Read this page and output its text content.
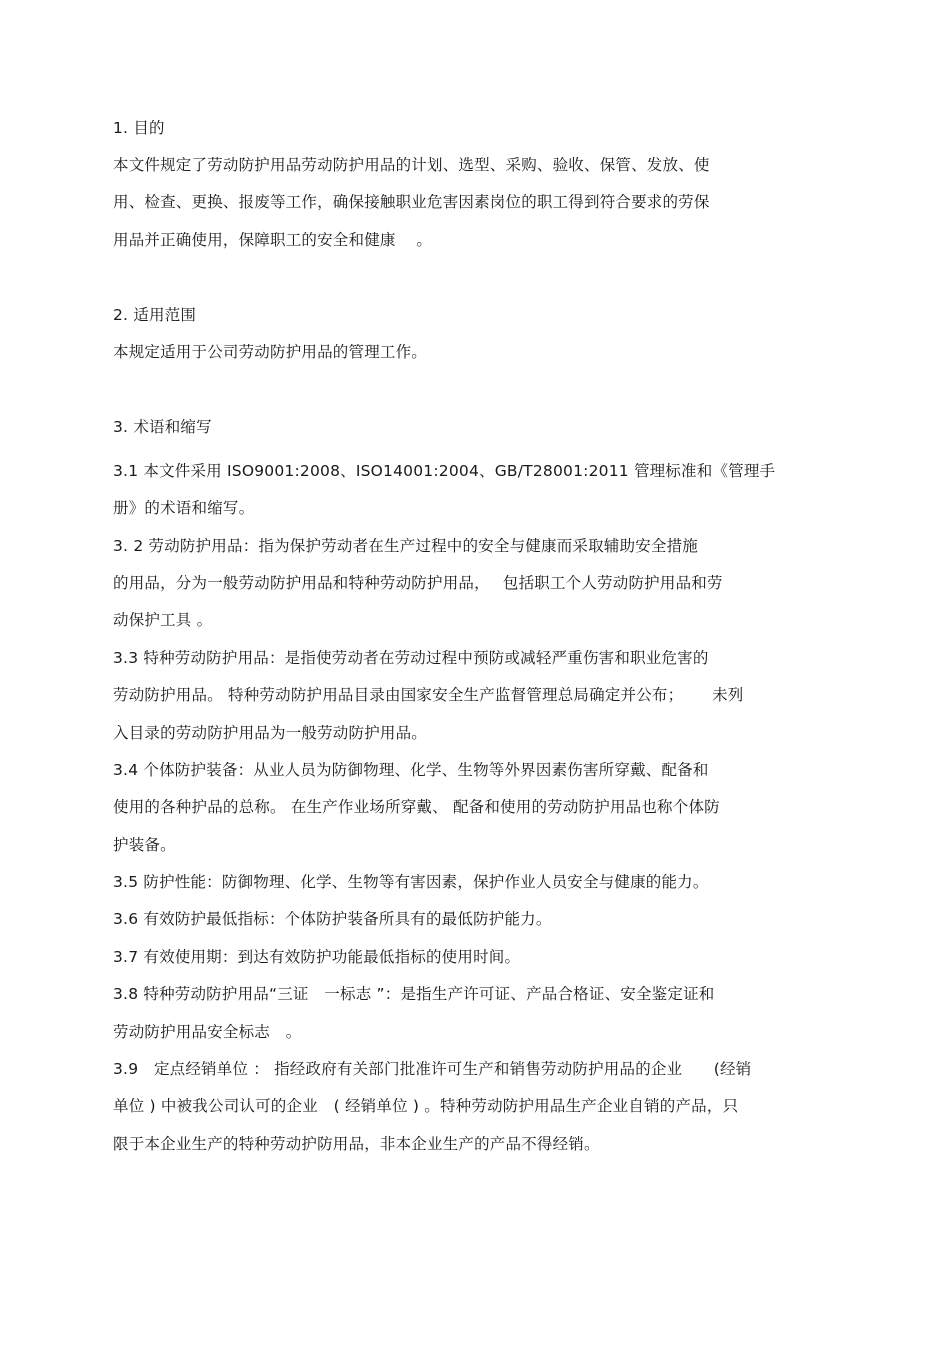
1. 目的
本文件规定了劳动防护用品劳动防护用品的计划、选型、采购、验收、保管、发放、使
用、检查、更换、报废等工作，确保接触职业危害因素岗位的职工得到符合要求的劳保
用品并正确使用，保障职工的安全和健康　 。
2. 适用范围
本规定适用于公司劳动防护用品的管理工作。
3. 术语和缩写
3.1 本文件采用 ISO9001:2008、ISO14001:2004、GB/T28001:2011 管理标准和《管理手
册》的术语和缩写。
3. 2 劳动防护用品：指为保护劳动者在生产过程中的安全与健康而采取辅助安全措施
的用品，分为一般劳动防护用品和特种劳动防护用品，　 包括职工个人劳动防护用品和劳
动保护工具 。
3.3 特种劳动防护用品：是指使劳动者在劳动过程中预防或减轻严重伤害和职业危害的
劳动防护用品。 特种劳动防护用品目录由国家安全生产监督管理总局确定并公布；　　 未列
入目录的劳动防护用品为一般劳动防护用品。
3.4 个体防护装备：从业人员为防御物理、化学、生物等外界因素伤害所穿戴、配备和
使用的各种护品的总称。 在生产作业场所穿戴、 配备和使用的劳动防护用品也称个体防
护装备。
3.5 防护性能：防御物理、化学、生物等有害因素，保护作业人员安全与健康的能力。
3.6 有效防护最低指标：个体防护装备所具有的最低防护能力。
3.7 有效使用期：到达有效防护功能最低指标的使用时间。
3.8 特种劳动防护用品“三证　一标志 ”：是指生产许可证、产品合格证、安全鉴定证和
劳动防护用品安全标志　。
3.9　定点经销单位 ： 指经政府有关部门批准许可生产和销售劳动防护用品的企业　　(经销
单位 ) 中被我公司认可的企业　( 经销单位 ) 。特种劳动防护用品生产企业自销的产品，只
限于本企业生产的特种劳动护防用品，非本企业生产的产品不得经销。
